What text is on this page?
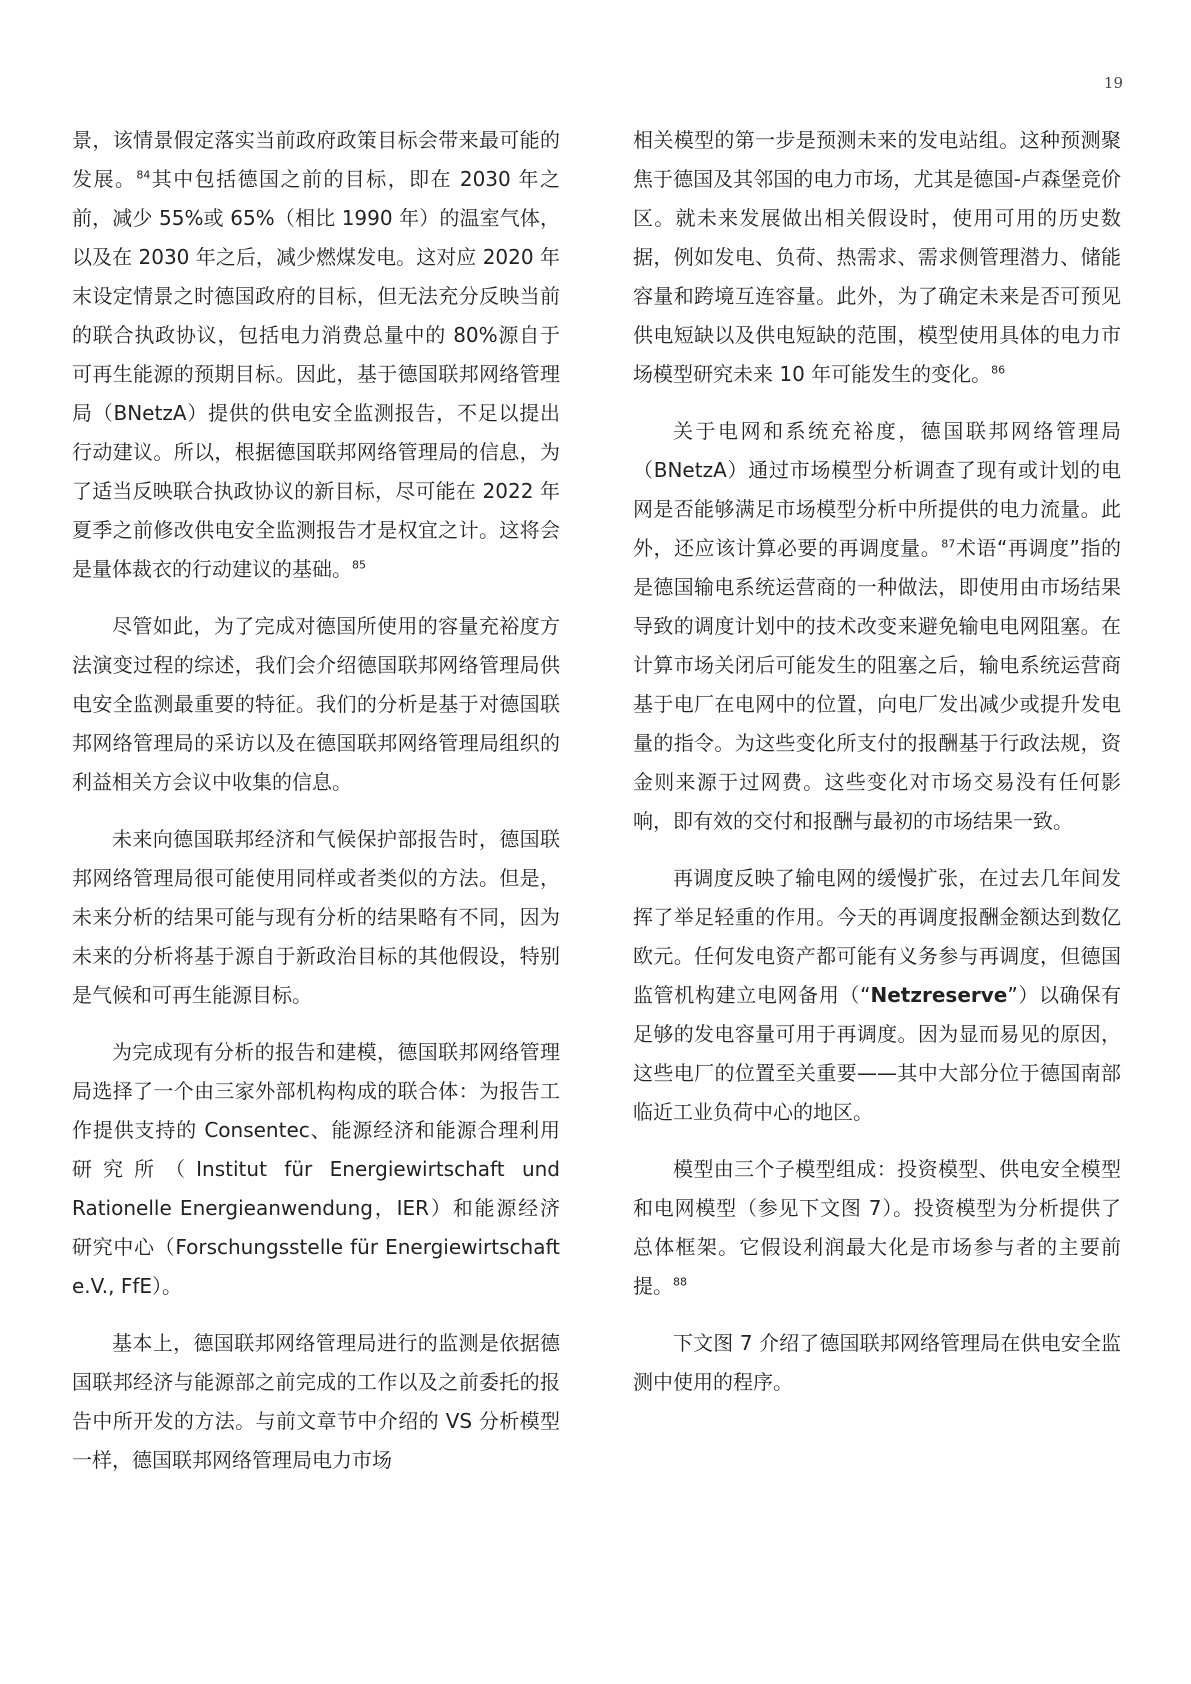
19

景，该情景假定落实当前政府政策目标会带来最可能的发展。$^{84}$其中包括德国之前的目标，即在 2030 年之前，减少 55%或 65%（相比 1990 年）的温室气体，以及在 2030 年之后，减少燃煤发电。这对应 2020 年末设定情景之时德国政府的目标，但无法充分反映当前的联合执政协议，包括电力消费总量中的 80%源自于可再生能源的预期目标。因此，基于德国联邦网络管理局（BNetzA）提供的供电安全监测报告，不足以提出行动建议。所以，根据德国联邦网络管理局的信息，为了适当反映联合执政协议的新目标，尽可能在 2022 年夏季之前修改供电安全监测报告才是权宜之计。这将会是量体裁衣的行动建议的基础。$^{85}$

尽管如此，为了完成对德国所使用的容量充裕度方法演变过程的综述，我们会介绍德国联邦网络管理局供电安全监测最重要的特征。我们的分析是基于对德国联邦网络管理局的采访以及在德国联邦网络管理局组织的利益相关方会议中收集的信息。

未来向德国联邦经济和气候保护部报告时，德国联邦网络管理局很可能使用同样或者类似的方法。但是，未来分析的结果可能与现有分析的结果略有不同，因为未来的分析将基于源自于新政治目标的其他假设，特别是气候和可再生能源目标。

为完成现有分析的报告和建模，德国联邦网络管理局选择了一个由三家外部机构构成的联合体：为报告工作提供支持的 Consentec、能源经济和能源合理利用研究所（Institut für Energiewirtschaft und Rationelle Energieanwendung，IER）和能源经济研究中心（Forschungsstelle für Energiewirtschaft e.V., FfE）。

基本上，德国联邦网络管理局进行的监测是依据德国联邦经济与能源部之前完成的工作以及之前委托的报告中所开发的方法。与前文章节中介绍的 VS 分析模型一样，德国联邦网络管理局电力市场

相关模型的第一步是预测未来的发电站组。这种预测聚焦于德国及其邻国的电力市场，尤其是德国-卢森堡竞价区。就未来发展做出相关假设时，使用可用的历史数据，例如发电、负荷、热需求、需求侧管理潜力、储能容量和跨境互连容量。此外，为了确定未来是否可预见供电短缺以及供电短缺的范围，模型使用具体的电力市场模型研究未来 10 年可能发生的变化。$^{86}$

关于电网和系统充裕度，德国联邦网络管理局（BNetzA）通过市场模型分析调查了现有或计划的电网是否能够满足市场模型分析中所提供的电力流量。此外，还应该计算必要的再调度量。$^{87}$术语“再调度”指的是德国输电系统运营商的一种做法，即使用由市场结果导致的调度计划中的技术改变来避免输电电网阻塞。在计算市场关闭后可能发生的阻塞之后，输电系统运营商基于电厂在电网中的位置，向电厂发出减少或提升发电量的指令。为这些变化所支付的报酬基于行政法规，资金则来源于过网费。这些变化对市场交易没有任何影响，即有效的交付和报酬与最初的市场结果一致。

再调度反映了输电网的缓慢扩张，在过去几年间发挥了举足轻重的作用。今天的再调度报酬金额达到数亿欧元。任何发电资产都可能有义务参与再调度，但德国监管机构建立电网备用（“Netzreserve”）以确保有足够的发电容量可用于再调度。因为显而易见的原因，这些电厂的位置至关重要——其中大部分位于德国南部临近工业负荷中心的地区。

模型由三个子模型组成：投资模型、供电安全模型和电网模型（参见下文图 7）。投资模型为分析提供了总体框架。它假设利润最大化是市场参与者的主要前提。$^{88}$

下文图 7 介绍了德国联邦网络管理局在供电安全监测中使用的程序。
